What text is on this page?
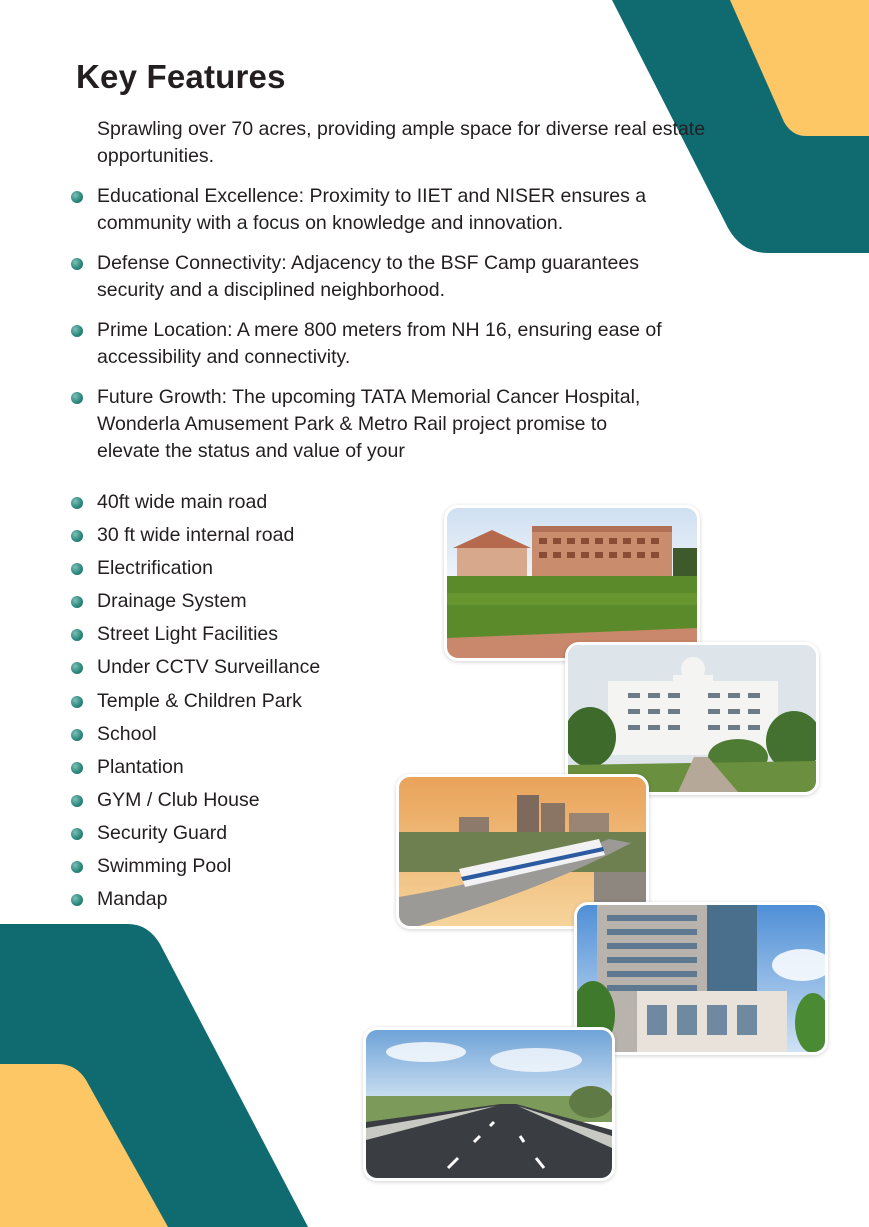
Key Features
Sprawling over 70 acres, providing ample space for diverse real estate opportunities.
Educational Excellence: Proximity to IIET and NISER ensures a community with a focus on knowledge and innovation.
Defense Connectivity: Adjacency to the BSF Camp guarantees security and a disciplined neighborhood.
Prime Location: A mere 800 meters from NH 16, ensuring ease of accessibility and connectivity.
Future Growth: The upcoming TATA Memorial Cancer Hospital, Wonderla Amusement Park & Metro Rail project promise to elevate the status and value of your
40ft wide main road
30 ft wide internal road
Electrification
Drainage System
Street Light Facilities
Under CCTV Surveillance
Temple & Children Park
School
Plantation
GYM / Club House
Security Guard
Swimming Pool
Mandap
